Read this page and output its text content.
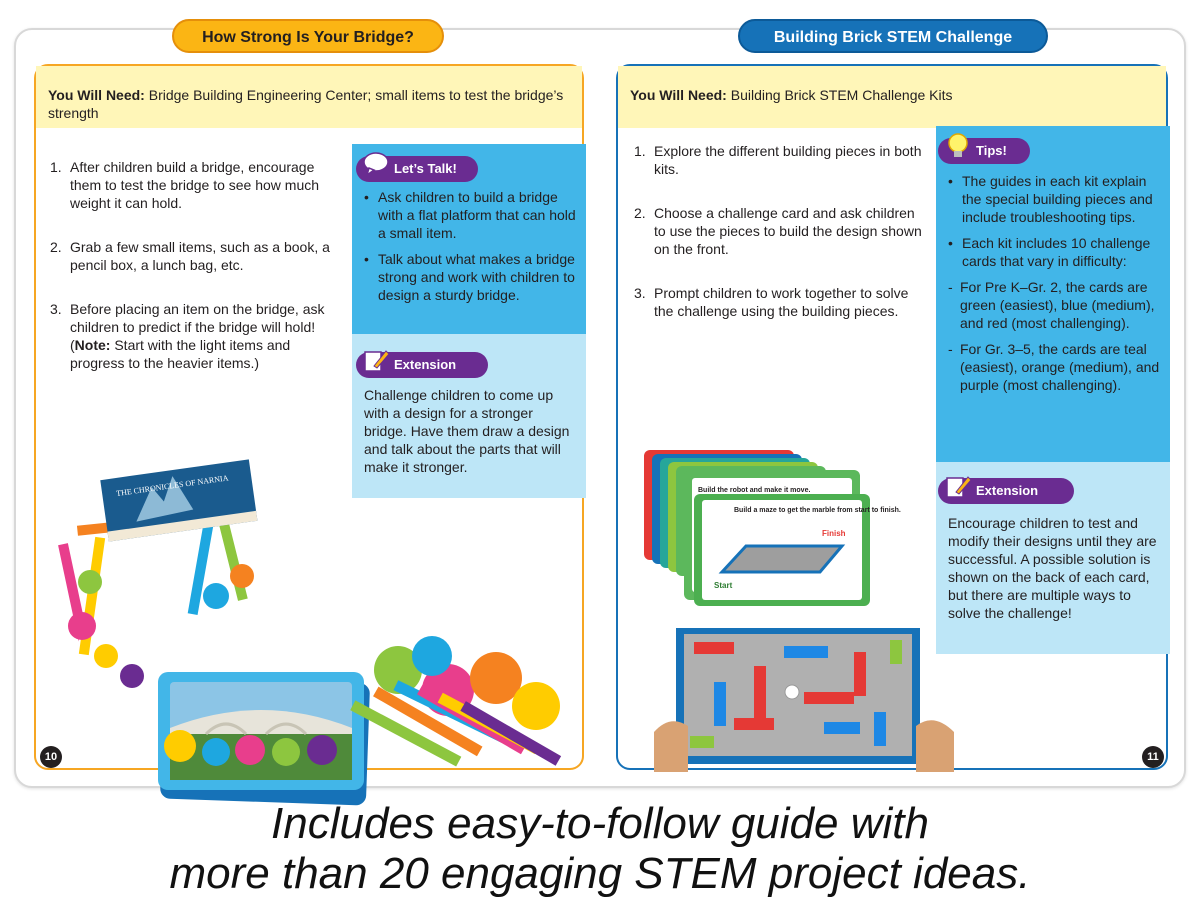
You Will Need: Bridge Building Engineering Center; small items to test the bridge’s strength
1. After children build a bridge, encourage them to test the bridge to see how much weight it can hold.
2. Grab a few small items, such as a book, a pencil box, a lunch bag, etc.
3. Before placing an item on the bridge, ask children to predict if the bridge will hold! (Note: Start with the light items and progress to the heavier items.)
Let’s Talk!
• Ask children to build a bridge with a flat platform that can hold a small item.
• Talk about what makes a bridge strong and work with children to design a sturdy bridge.
Extension
Challenge children to come up with a design for a stronger bridge. Have them draw a design and talk about the parts that will make it stronger.
THE CHRONICLES OF NARNIA
10
How Strong Is Your Bridge?
You Will Need: Building Brick STEM Challenge Kits
1. Explore the different building pieces in both kits.
2. Choose a challenge card and ask children to use the pieces to build the design shown on the front.
3. Prompt children to work together to solve the challenge using the building pieces.
Tips!
• The guides in each kit explain the special building pieces and include troubleshooting tips.
• Each kit includes 10 challenge cards that vary in difficulty:
- For Pre K–Gr. 2, the cards are green (easiest), blue (medium), and red (most challenging).
- For Gr. 3–5, the cards are teal (easiest), orange (medium), and purple (most challenging).
Extension
Encourage children to test and modify their designs until they are successful. A possible solution is shown on the back of each card, but there are multiple ways to solve the challenge!
Build the robot and make it move.
Build a maze to get the marble from start to finish.
Finish
Start
11
Building Brick STEM Challenge
Includes easy-to-follow guide with
more than 20 engaging STEM project ideas.
